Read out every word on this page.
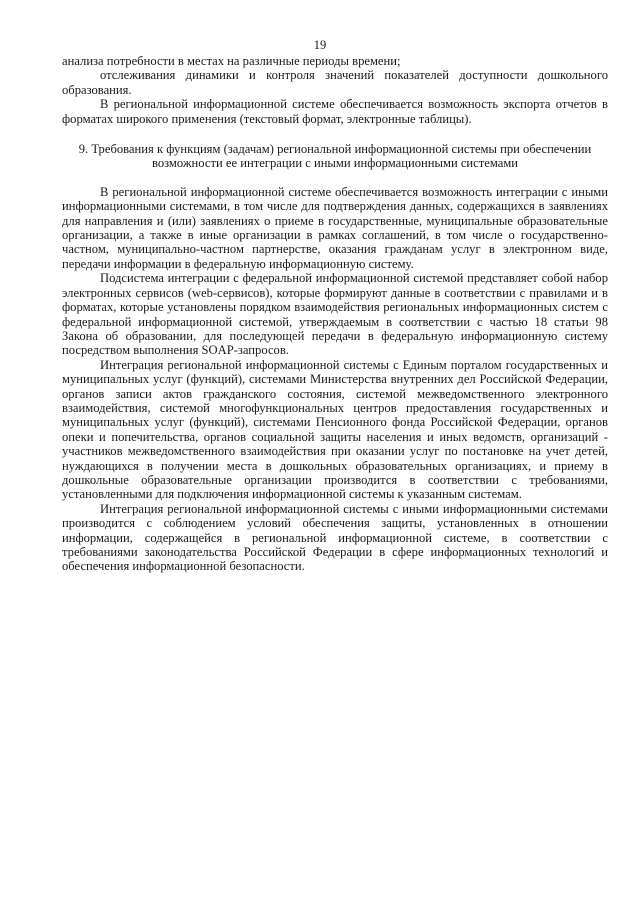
19

анализа потребности в местах на различные периоды времени;

отслеживания динамики и контроля значений показателей доступности дошкольного образования.

В региональной информационной системе обеспечивается возможность экспорта отчетов в форматах широкого применения (текстовый формат, электронные таблицы).

9. Требования к функциям (задачам) региональной информационной системы при обеспечении возможности ее интеграции с иными информационными системами

В региональной информационной системе обеспечивается возможность интеграции с иными информационными системами, в том числе для подтверждения данных, содержащихся в заявлениях для направления и (или) заявлениях о приеме в государственные, муниципальные образовательные организации, а также в иные организации в рамках соглашений, в том числе о государственно-частном, муниципально-частном партнерстве, оказания гражданам услуг в электронном виде, передачи информации в федеральную информационную систему.

Подсистема интеграции с федеральной информационной системой представляет собой набор электронных сервисов (web-сервисов), которые формируют данные в соответствии с правилами и в форматах, которые установлены порядком взаимодействия региональных информационных систем с федеральной информационной системой, утверждаемым в соответствии с частью 18 статьи 98 Закона об образовании, для последующей передачи в федеральную информационную систему посредством выполнения SOAP-запросов.

Интеграция региональной информационной системы с Единым порталом государственных и муниципальных услуг (функций), системами Министерства внутренних дел Российской Федерации, органов записи актов гражданского состояния, системой межведомственного электронного взаимодействия, системой многофункциональных центров предоставления государственных и муниципальных услуг (функций), системами Пенсионного фонда Российской Федерации, органов опеки и попечительства, органов социальной защиты населения и иных ведомств, организаций - участников межведомственного взаимодействия при оказании услуг по постановке на учет детей, нуждающихся в получении места в дошкольных образовательных организациях, и приему в дошкольные образовательные организации производится в соответствии с требованиями, установленными для подключения информационной системы к указанным системам.

Интеграция региональной информационной системы с иными информационными системами производится с соблюдением условий обеспечения защиты, установленных в отношении информации, содержащейся в региональной информационной системе, в соответствии с требованиями законодательства Российской Федерации в сфере информационных технологий и обеспечения информационной безопасности.
